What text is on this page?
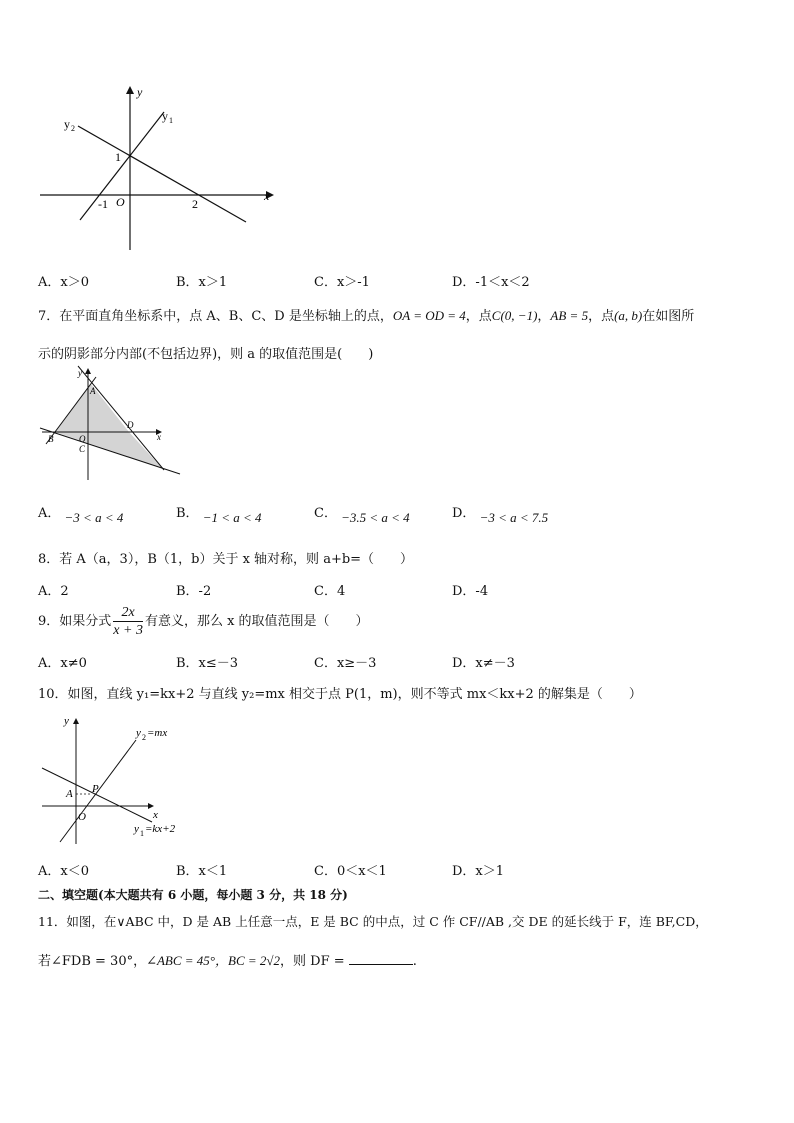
y
y 1
y 2
1
-1 O	2
x
A．x＞0	B．x＞1	C．x＞-1	D．-1＜x＜2
7．在平面直角坐标系中，点 A、B、C、D 是坐标轴上的点，OA = OD = 4，点C(0, −1)，AB = 5，点(a, b)在如图所
示的阴影部分内部(不包括边界)，则 a 的取值范围是(　　)
y
A
D
B	O
C
x
A． −3 < a < 4	B． −1 < a < 4	C． −3.5 < a < 4	D． −3 < a < 7.5
8．若 A（a，3），B（1，b）关于 x 轴对称，则 a+b=（　　）
A．2	B．-2	C．4	D．-4
9．如果分式 $\frac{2x}{x + 3}$ 有意义，那么 x 的取值范围是（　　）
A．x≠0	B．x≤－3	C．x≥－3	D．x≠－3
10．如图，直线 y₁=kx+2 与直线 y₂=mx 相交于点 P(1，m)，则不等式 mx＜kx+2 的解集是（　　）
y
y 2 =mx
A P
O	x
y 1 =kx+2
A．x＜0	B．x＜1	C．0＜x＜1	D．x＞1
二、填空题(本大题共有 6 小题，每小题 3 分，共 18 分)
11．如图，在∨ABC 中，D 是 AB 上任意一点，E 是 BC 的中点，过 C 作 CF//AB ,交 DE 的延长线于 F，连 BF,CD，
若∠FDB = 30°，∠ABC = 45°，BC = 2√2，则 DF =	.
